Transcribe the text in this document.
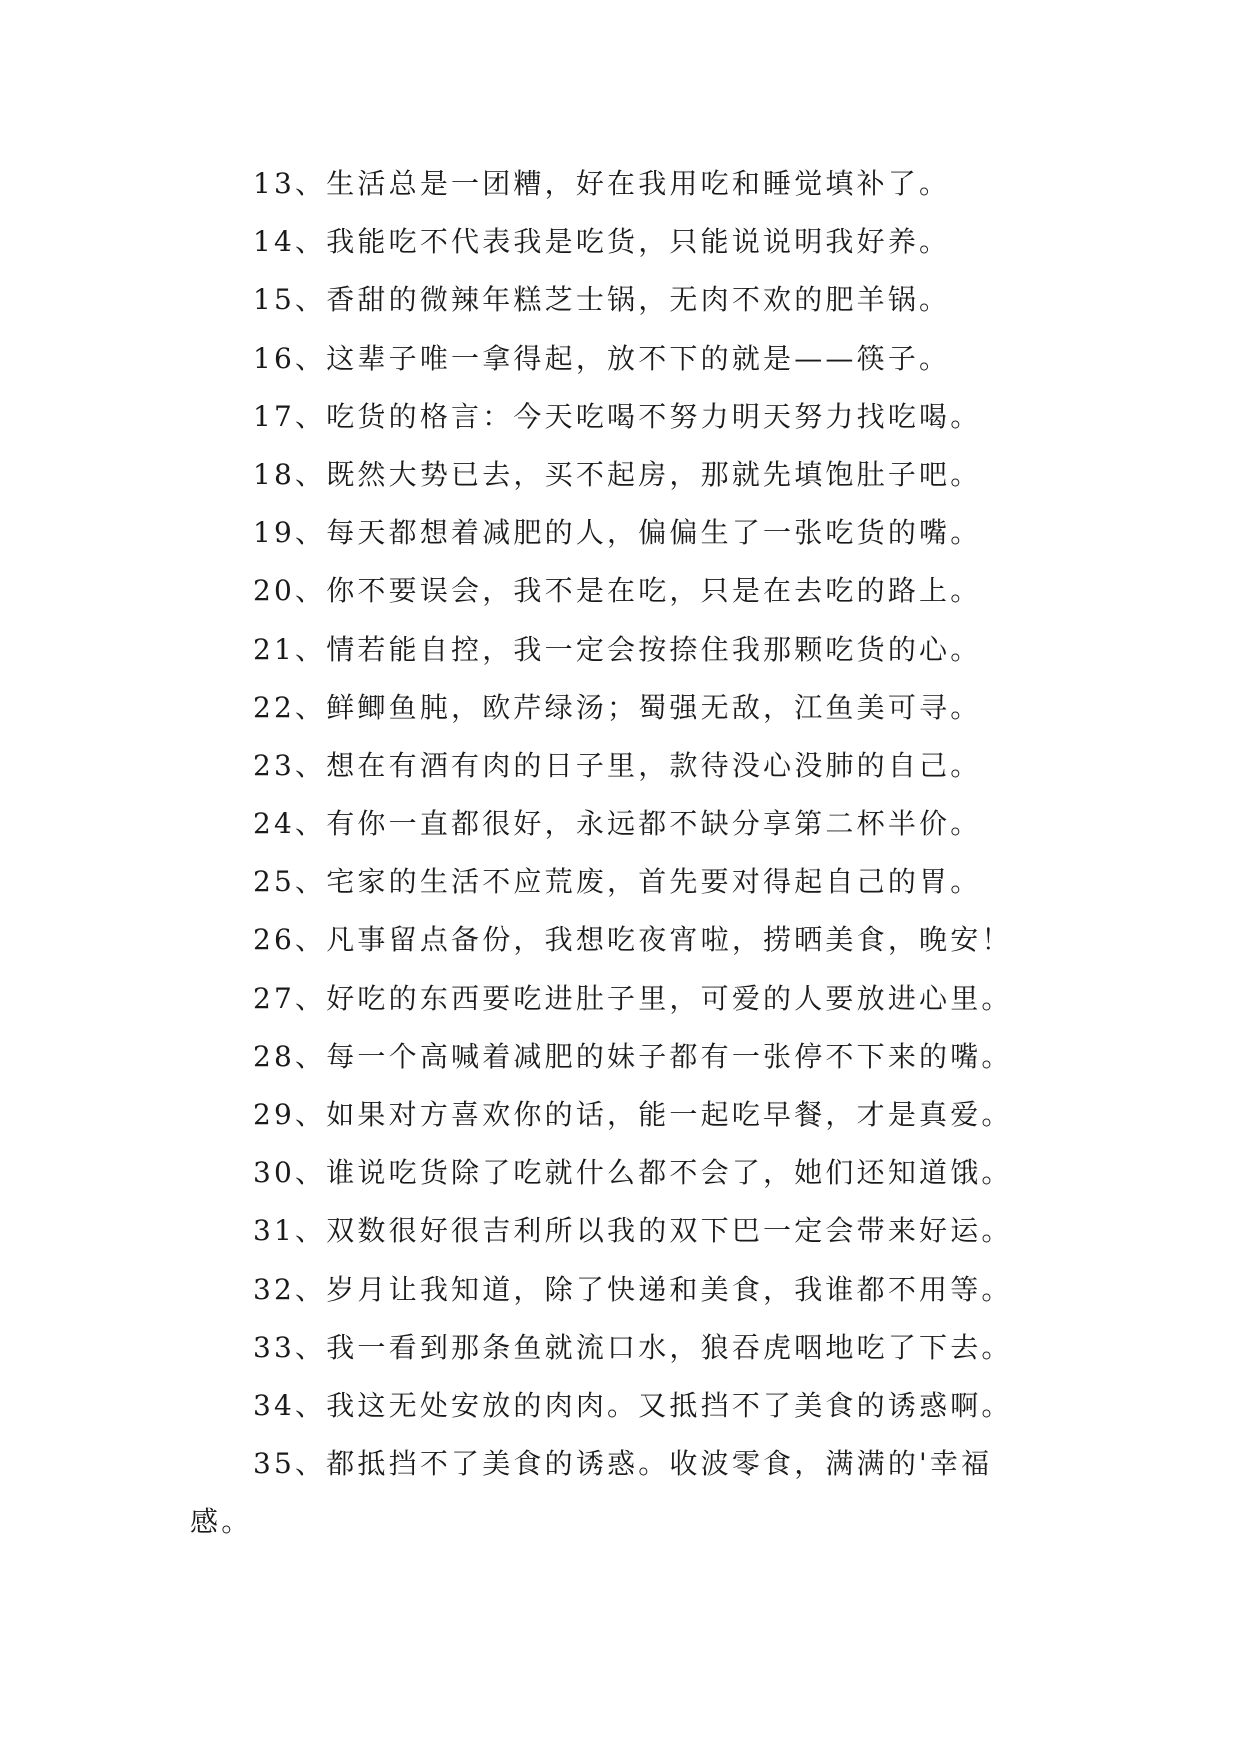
13、生活总是一团糟，好在我用吃和睡觉填补了。
14、我能吃不代表我是吃货，只能说说明我好养。
15、香甜的微辣年糕芝士锅，无肉不欢的肥羊锅。
16、这辈子唯一拿得起，放不下的就是——筷子。
17、吃货的格言：今天吃喝不努力明天努力找吃喝。
18、既然大势已去，买不起房，那就先填饱肚子吧。
19、每天都想着减肥的人，偏偏生了一张吃货的嘴。
20、你不要误会，我不是在吃，只是在去吃的路上。
21、情若能自控，我一定会按捺住我那颗吃货的心。
22、鲜鲫鱼肫，欧芹绿汤；蜀强无敌，江鱼美可寻。
23、想在有酒有肉的日子里，款待没心没肺的自己。
24、有你一直都很好，永远都不缺分享第二杯半价。
25、宅家的生活不应荒废，首先要对得起自己的胃。
26、凡事留点备份，我想吃夜宵啦，捞晒美食，晚安！
27、好吃的东西要吃进肚子里，可爱的人要放进心里。
28、每一个高喊着减肥的妹子都有一张停不下来的嘴。
29、如果对方喜欢你的话，能一起吃早餐，才是真爱。
30、谁说吃货除了吃就什么都不会了，她们还知道饿。
31、双数很好很吉利所以我的双下巴一定会带来好运。
32、岁月让我知道，除了快递和美食，我谁都不用等。
33、我一看到那条鱼就流口水，狼吞虎咽地吃了下去。
34、我这无处安放的肉肉。又抵挡不了美食的诱惑啊。
35、都抵挡不了美食的诱惑。收波零食，满满的'幸福
感。
